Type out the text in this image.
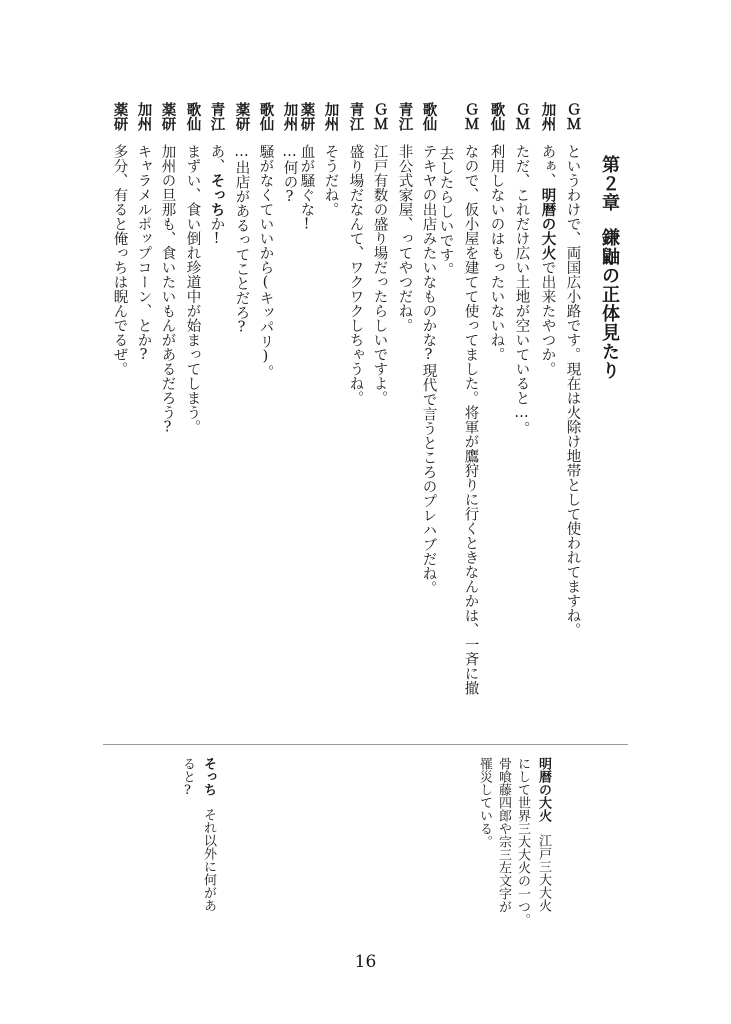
第２章鎌鼬の正体見たり
ＧＭというわけで、両国広小路です。現在は火除け地帯として使われてますね。
加州あぁ、明暦の大火で出来たやつか。
ＧＭただ、これだけ広い土地が空いていると…。
歌仙利用しないのはもったいないね。
ＧＭなので、仮小屋を建てて使ってました。将軍が鷹狩りに行くときなんかは、一斉に撤
去したらしいです。
歌仙テキヤの出店みたいなものかな?現代で言うところのプレハブだね。
青江非公式家屋、ってやつだね。
ＧＭ江戸有数の盛り場だったらしいですよ。
青江盛り場だなんて、ワクワクしちゃうね。
加州そうだね。
薬研血が騒ぐな!
加州…何の?
歌仙騒がなくていいから(キッパリ)。
薬研…出店があるってことだろ?
青江あ、そっちか!
歌仙まずい、食い倒れ珍道中が始まってしまう。
薬研加州の旦那も、食いたいもんがあるだろう?
加州キャラメルポップコーン、とか?
薬研多分、有ると俺っちは睨んでるぜ。
明暦の大火江戸三大大火
にして世界三大大火の一つ。
骨喰藤四郎や宗三左文字が
罹災している。
そっちそれ以外に何があ
ると?
16
